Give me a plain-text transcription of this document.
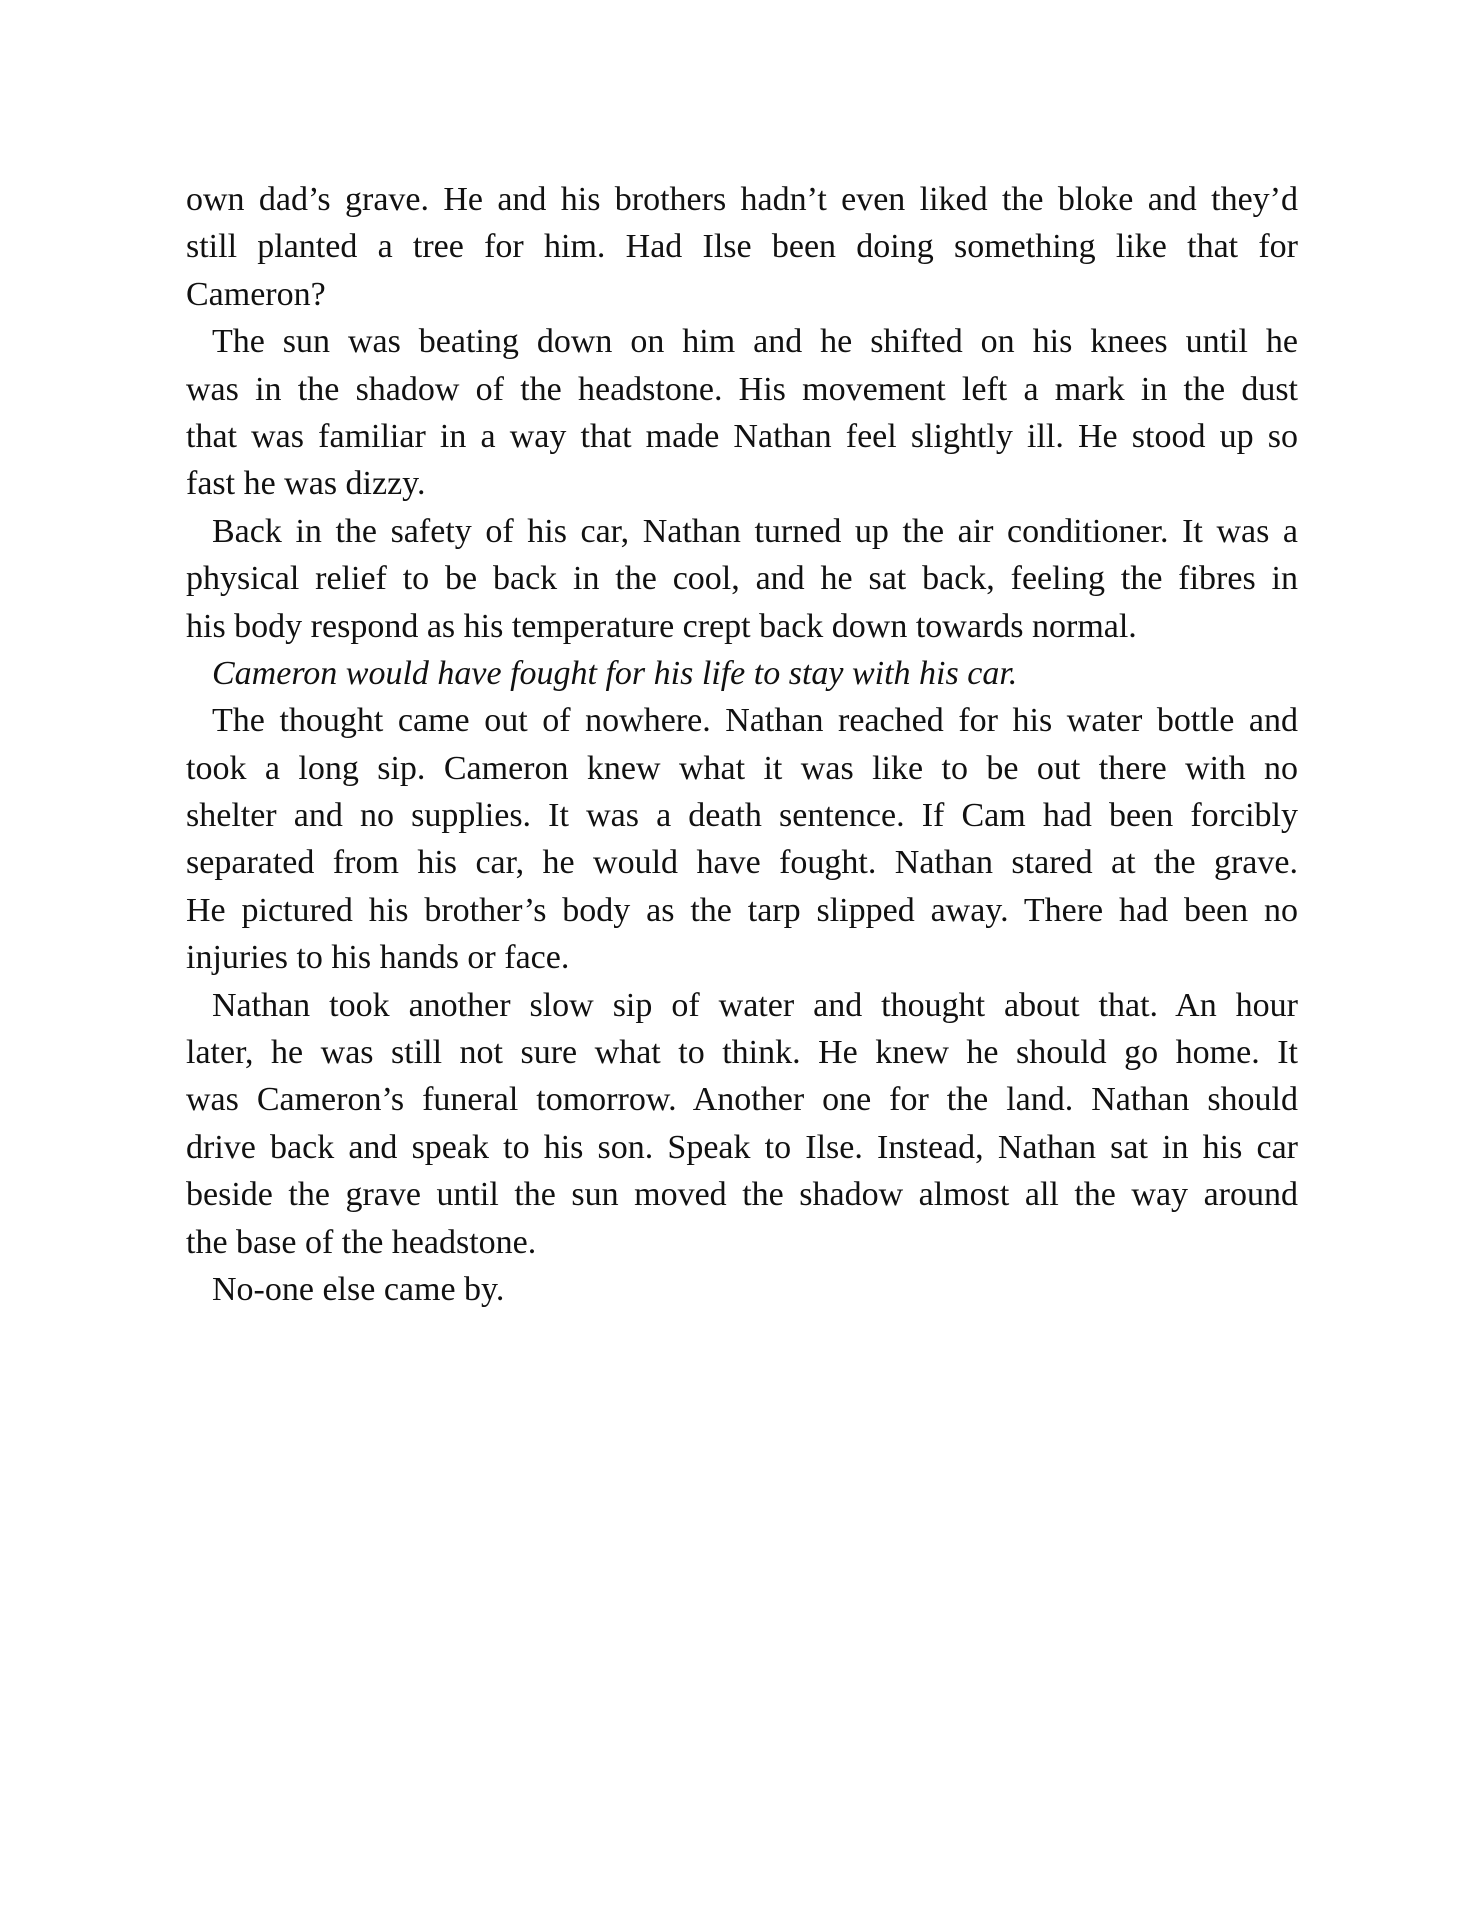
own dad’s grave. He and his brothers hadn’t even liked the bloke and they’d
still planted a tree for him. Had Ilse been doing something like that for
Cameron?
The sun was beating down on him and he shifted on his knees until he
was in the shadow of the headstone. His movement left a mark in the dust
that was familiar in a way that made Nathan feel slightly ill. He stood up so
fast he was dizzy.
Back in the safety of his car, Nathan turned up the air conditioner. It was a
physical relief to be back in the cool, and he sat back, feeling the fibres in
his body respond as his temperature crept back down towards normal.
Cameron would have fought for his life to stay with his car.
The thought came out of nowhere. Nathan reached for his water bottle and
took a long sip. Cameron knew what it was like to be out there with no
shelter and no supplies. It was a death sentence. If Cam had been forcibly
separated from his car, he would have fought. Nathan stared at the grave.
He pictured his brother’s body as the tarp slipped away. There had been no
injuries to his hands or face.
Nathan took another slow sip of water and thought about that. An hour
later, he was still not sure what to think. He knew he should go home. It
was Cameron’s funeral tomorrow. Another one for the land. Nathan should
drive back and speak to his son. Speak to Ilse. Instead, Nathan sat in his car
beside the grave until the sun moved the shadow almost all the way around
the base of the headstone.
No-one else came by.
